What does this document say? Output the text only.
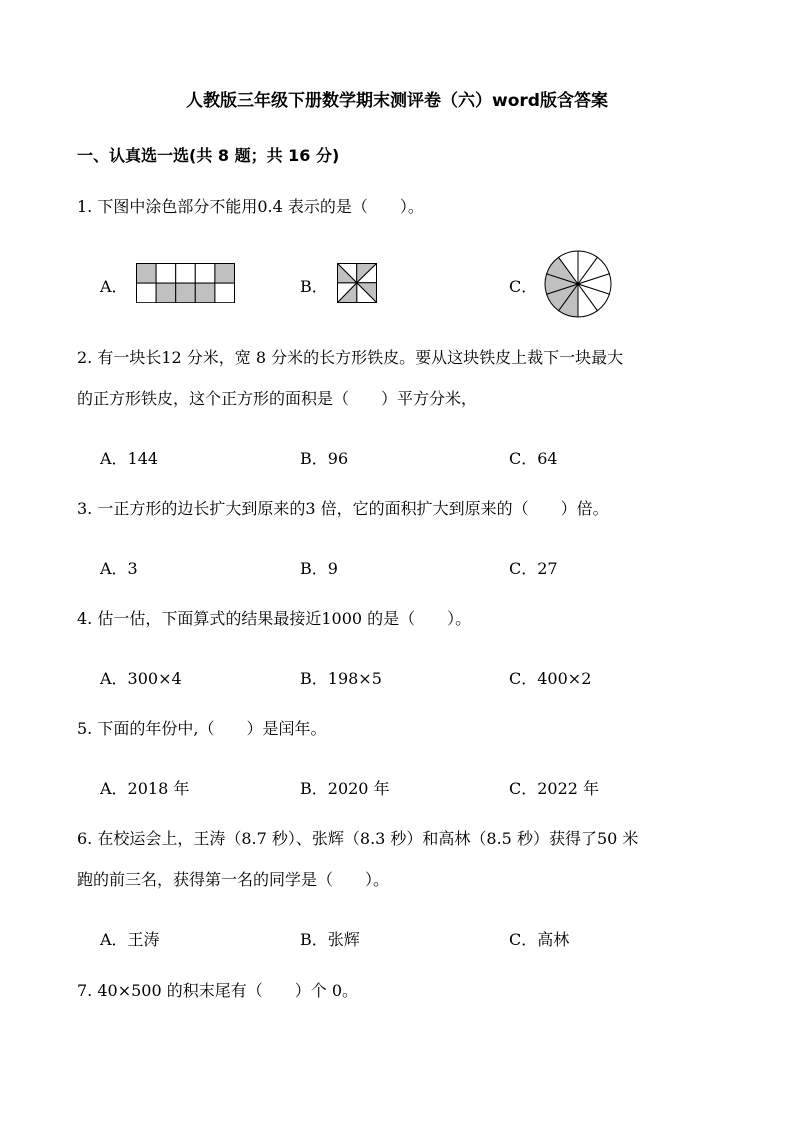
人教版三年级下册数学期末测评卷（六）word版含答案
一、认真选一选(共 8 题；共 16 分)
1. 下图中涂色部分不能用0.4 表示的是（　　）。
A．	B．	C．
2. 有一块长12 分米，宽 8 分米的长方形铁皮。要从这块铁皮上裁下一块最大
的正方形铁皮，这个正方形的面积是（　　）平方分米，
A．144	B．96	C．64
3. 一正方形的边长扩大到原来的3 倍，它的面积扩大到原来的（　　）倍。
A．3	B．9	C．27
4. 估一估，下面算式的结果最接近1000 的是（　　）。
A．300×4	B．198×5	C．400×2
5. 下面的年份中,（　　）是闰年。
A．2018 年	B．2020 年	C．2022 年
6. 在校运会上，王涛（8.7 秒）、张辉（8.3 秒）和高林（8.5 秒）获得了50 米
跑的前三名，获得第一名的同学是（　　）。
A．王涛	B．张辉	C．高林
7. 40×500 的积末尾有（　　）个 0。
